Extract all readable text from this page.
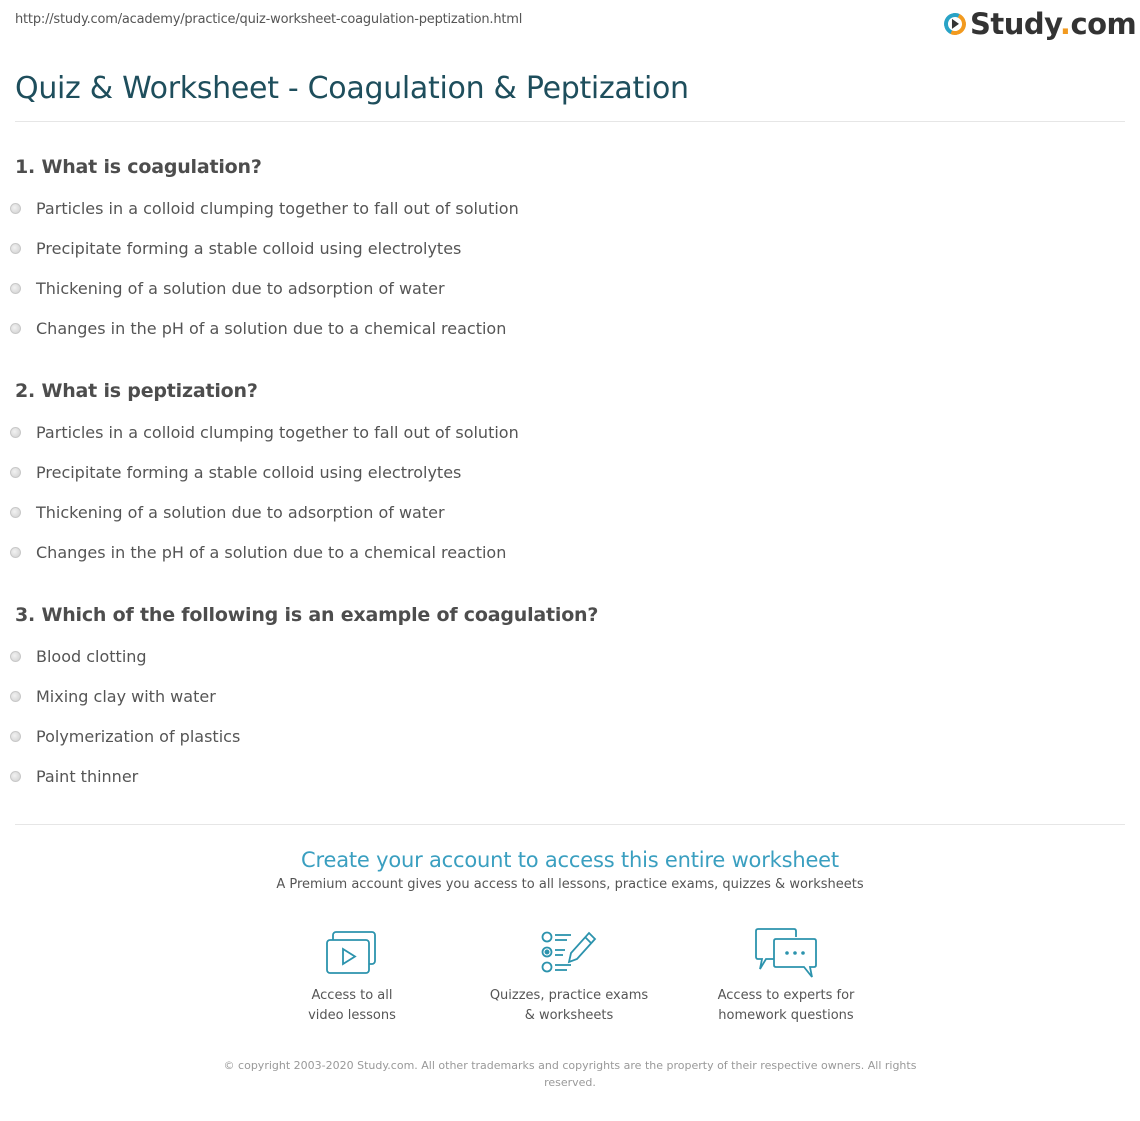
http://study.com/academy/practice/quiz-worksheet-coagulation-peptization.html	Study.com
Quiz & Worksheet - Coagulation & Peptization
1. What is coagulation?
Particles in a colloid clumping together to fall out of solution
Precipitate forming a stable colloid using electrolytes
Thickening of a solution due to adsorption of water
Changes in the pH of a solution due to a chemical reaction
2. What is peptization?
Particles in a colloid clumping together to fall out of solution
Precipitate forming a stable colloid using electrolytes
Thickening of a solution due to adsorption of water
Changes in the pH of a solution due to a chemical reaction
3. Which of the following is an example of coagulation?
Blood clotting
Mixing clay with water
Polymerization of plastics
Paint thinner
Create your account to access this entire worksheet
A Premium account gives you access to all lessons, practice exams, quizzes & worksheets
Access to all
video lessons
Quizzes, practice exams
& worksheets
Access to experts for
homework questions
© copyright 2003-2020 Study.com. All other trademarks and copyrights are the property of their respective owners. All rights reserved.
